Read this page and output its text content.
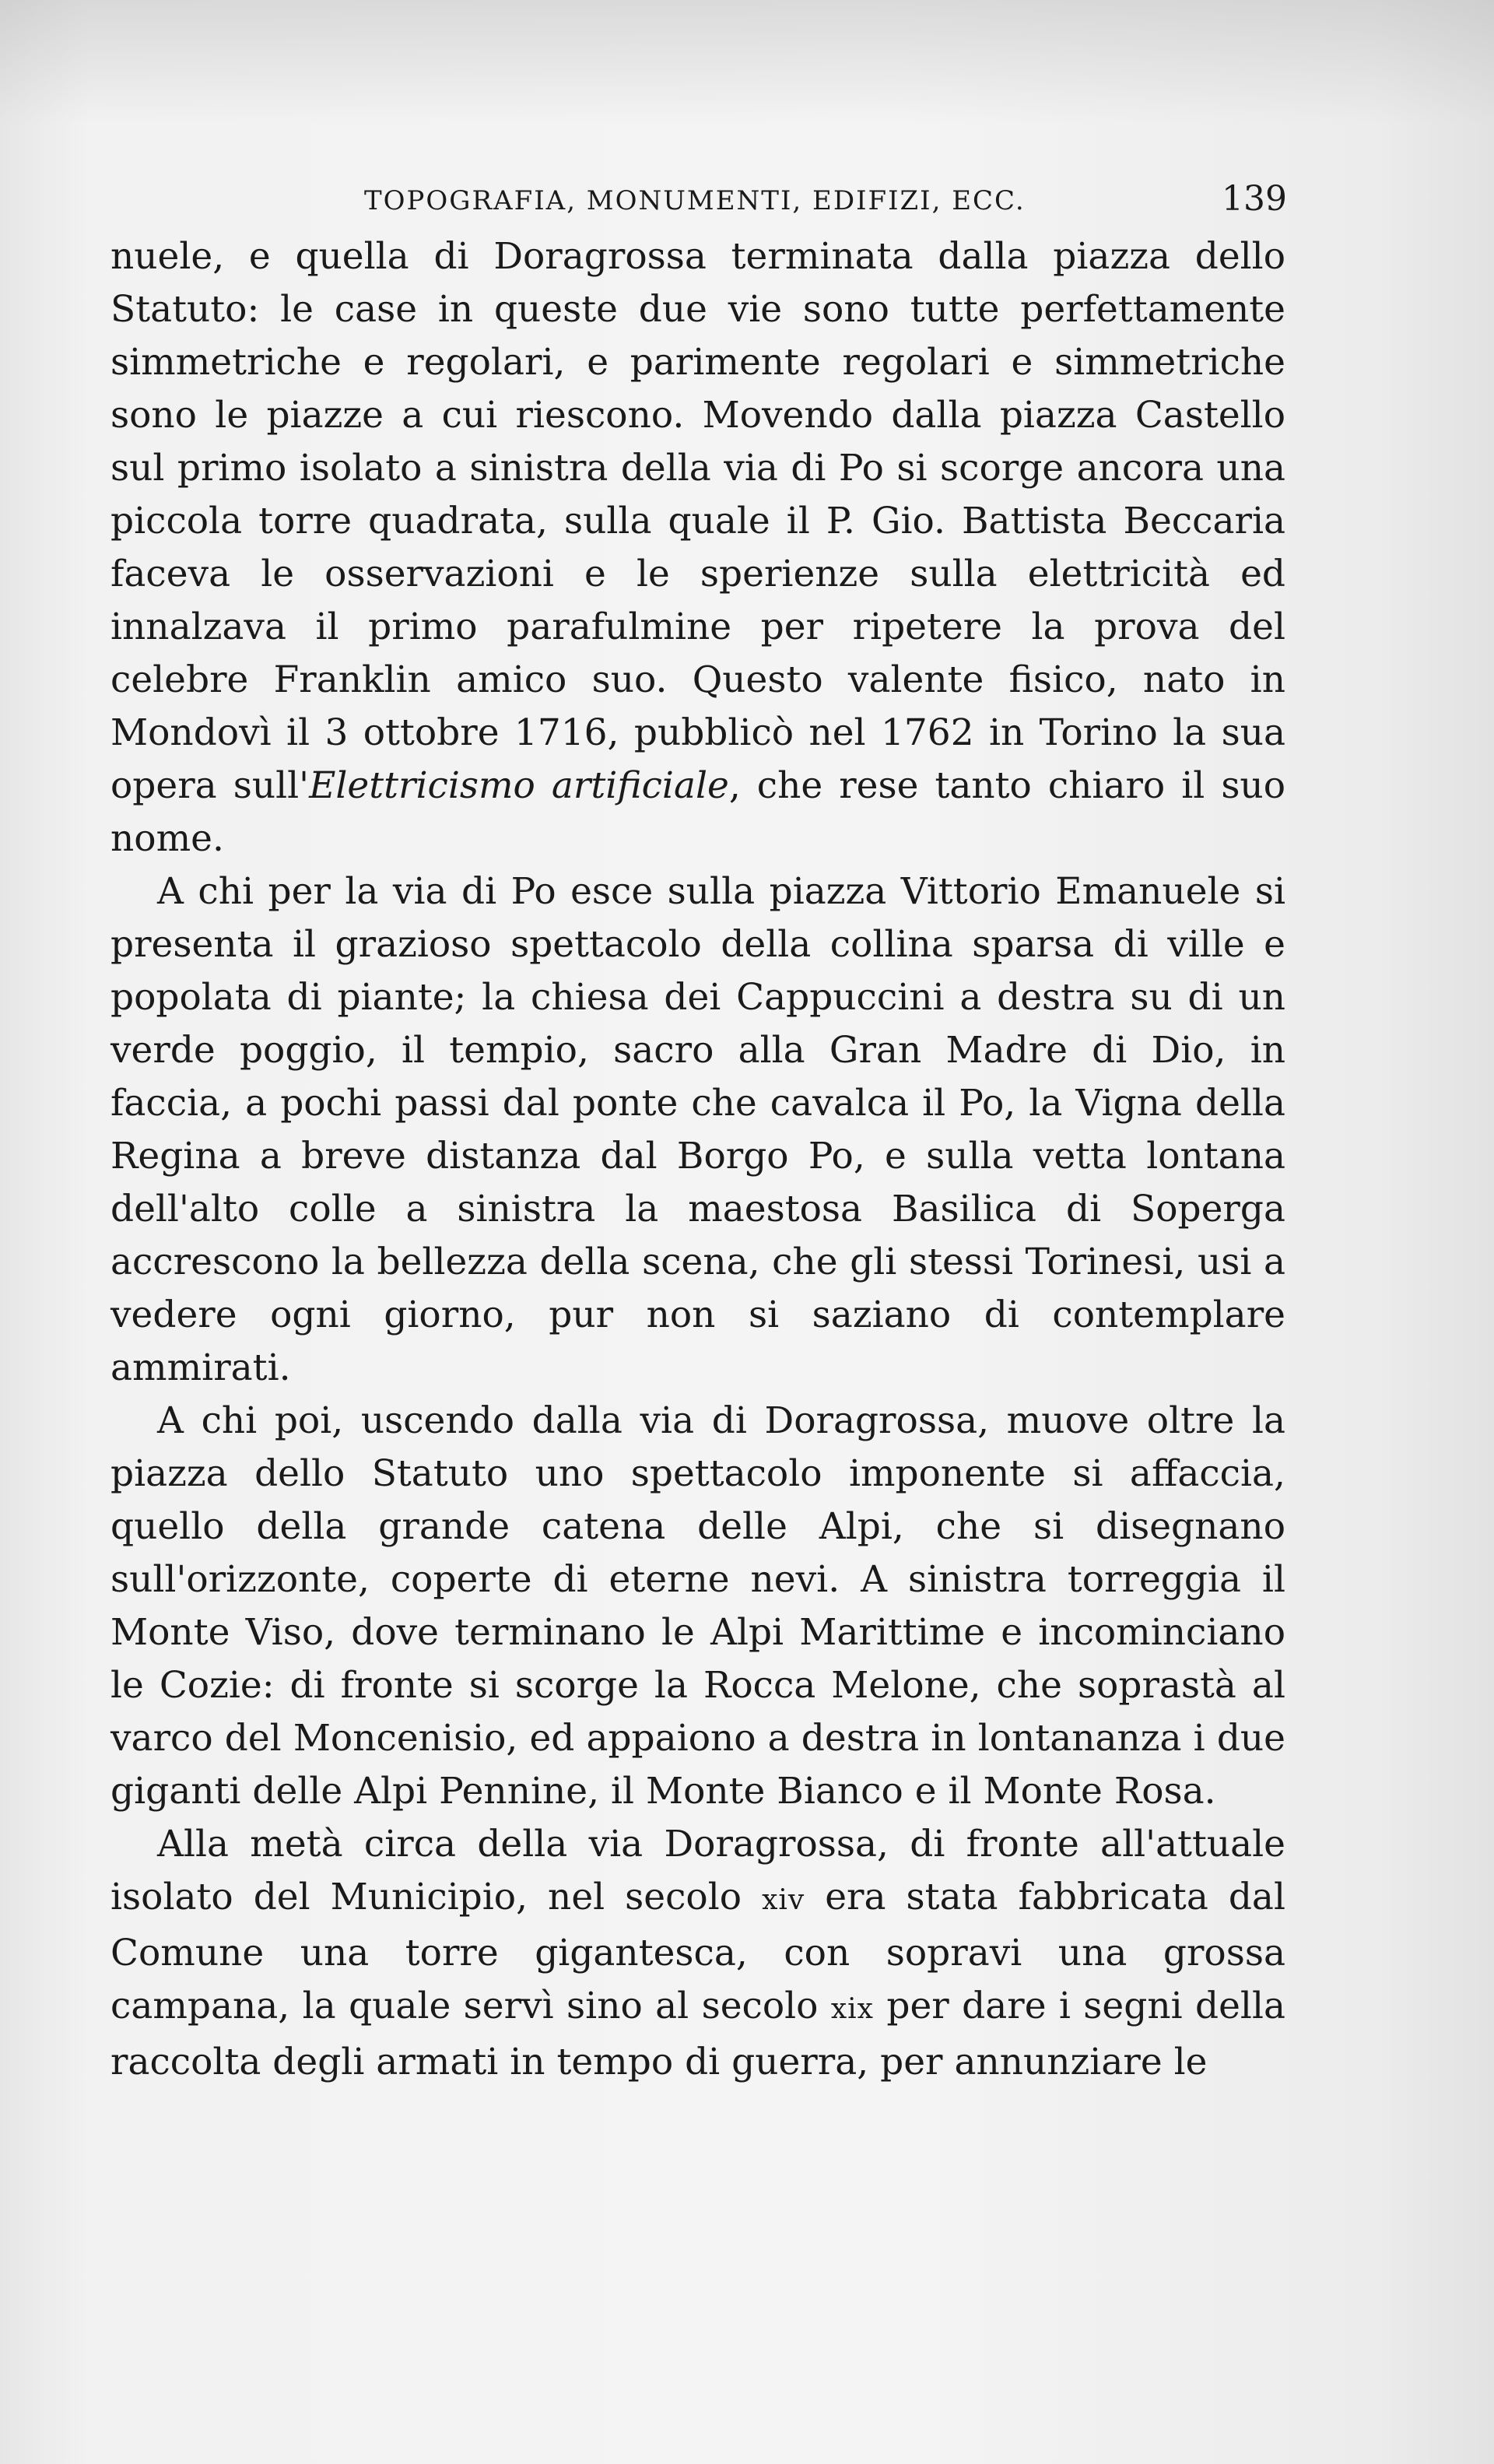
TOPOGRAFIA, MONUMENTI, EDIFIZI, ECC.	139

nuele, e quella di Doragrossa terminata dalla piazza dello Statuto: le case in queste due vie sono tutte perfettamente simmetriche e regolari, e parimente regolari e simmetriche sono le piazze a cui riescono. Movendo dalla piazza Castello sul primo isolato a sinistra della via di Po si scorge ancora una piccola torre quadrata, sulla quale il P. Gio. Battista Beccaria faceva le osservazioni e le sperienze sulla elettricità ed innalzava il primo parafulmine per ripetere la prova del celebre Franklin amico suo. Questo valente fisico, nato in Mondovì il 3 ottobre 1716, pubblicò nel 1762 in Torino la sua opera sull'Elettricismo artificiale, che rese tanto chiaro il suo nome.

A chi per la via di Po esce sulla piazza Vittorio Emanuele si presenta il grazioso spettacolo della collina sparsa di ville e popolata di piante; la chiesa dei Cappuccini a destra su di un verde poggio, il tempio, sacro alla Gran Madre di Dio, in faccia, a pochi passi dal ponte che cavalca il Po, la Vigna della Regina a breve distanza dal Borgo Po, e sulla vetta lontana dell'alto colle a sinistra la maestosa Basilica di Soperga accrescono la bellezza della scena, che gli stessi Torinesi, usi a vedere ogni giorno, pur non si saziano di contemplare ammirati.

A chi poi, uscendo dalla via di Doragrossa, muove oltre la piazza dello Statuto uno spettacolo imponente si affaccia, quello della grande catena delle Alpi, che si disegnano sull'orizzonte, coperte di eterne nevi. A sinistra torreggia il Monte Viso, dove terminano le Alpi Marittime e incominciano le Cozie: di fronte si scorge la Rocca Melone, che soprastà al varco del Moncenisio, ed appaiono a destra in lontananza i due giganti delle Alpi Pennine, il Monte Bianco e il Monte Rosa.

Alla metà circa della via Doragrossa, di fronte all'attuale isolato del Municipio, nel secolo xiv era stata fabbricata dal Comune una torre gigantesca, con sopravi una grossa campana, la quale servì sino al secolo xix per dare i segni della raccolta degli armati in tempo di guerra, per annunziare le
